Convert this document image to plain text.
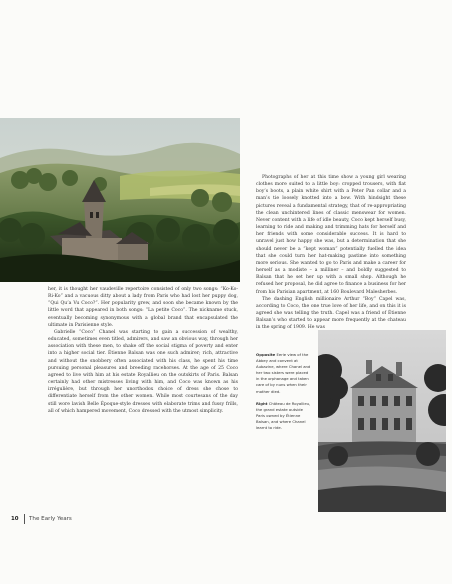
her, it is thought her vaudeville repertoire consisted of only two songs: “Ko-Ko-Ri-Ko” and a vacuous ditty about a lady from Paris who had lost her puppy dog, “Qui Qu’a Vu Coco?”. Her popularity grew, and soon she became known by the little word that appeared in both songs: “La petite Coco”. The nickname stuck, eventually becoming synonymous with a global brand that encapsulated the ultimate in Parisienne style.

Gabrielle “Coco” Chanel was starting to gain a succession of wealthy, educated, sometimes even titled, admirers, and saw an obvious way, through her association with these men, to shake off the social stigma of poverty and enter into a higher social tier. Étienne Balsan was one such admirer; rich, attractive and without the snobbery often associated with his class, he spent his time pursuing personal pleasures and breeding racehorses. At the age of 25 Coco agreed to live with him at his estate Royallieu on the outskirts of Paris. Balsan certainly had other mistresses living with him, and Coco was known as his irrégulière, but through her unorthodox choice of dress she chose to differentiate herself from the other women. While most courtesans of the day still wore lavish Belle Époque-style dresses with elaborate trims and fussy frills, all of which hampered movement, Coco dressed with the utmost simplicity.

Photographs of her at this time show a young girl wearing clothes more suited to a little boy: cropped trousers, with flat boy’s boots, a plain white shirt with a Peter Pan collar and a man’s tie loosely knotted into a bow. With hindsight these pictures reveal a fundamental strategy, that of re-appropriating the clean unchintered lines of classic menswear for women. Never content with a life of idle beauty, Coco kept herself busy, learning to ride and making and trimming hats for herself and her friends with some considerable success. It is hard to unravel just how happy she was, but a determination that she should never be a “kept woman” potentially fuelled the idea that she could turn her hat-making pastime into something more serious. She wanted to go to Paris and make a career for herself as a modiste – a milliner – and boldly suggested to Balsan that he set her up with a small shop. Although he refused her proposal, he did agree to finance a business for her from his Parisian apartment, at 160 Boulevard Malesherbes.

The dashing English millionaire Arthur “Boy” Capel was, according to Coco, the one true love of her life, and on this it is agreed she was telling the truth. Capel was a friend of Étienne Balsan’s who started to appear more frequently at the chateau in the spring of 1909. He was

Opposite Eerie view of the Abbey and convent at Aubazine, where Chanel and her two sisters were placed in the orphanage and taken care of by nuns when their mother died.

Right Château de Royallieu, the grand estate outside Paris owned by Étienne Balsan, and where Chanel learnt to ride.

10 The Early Years
